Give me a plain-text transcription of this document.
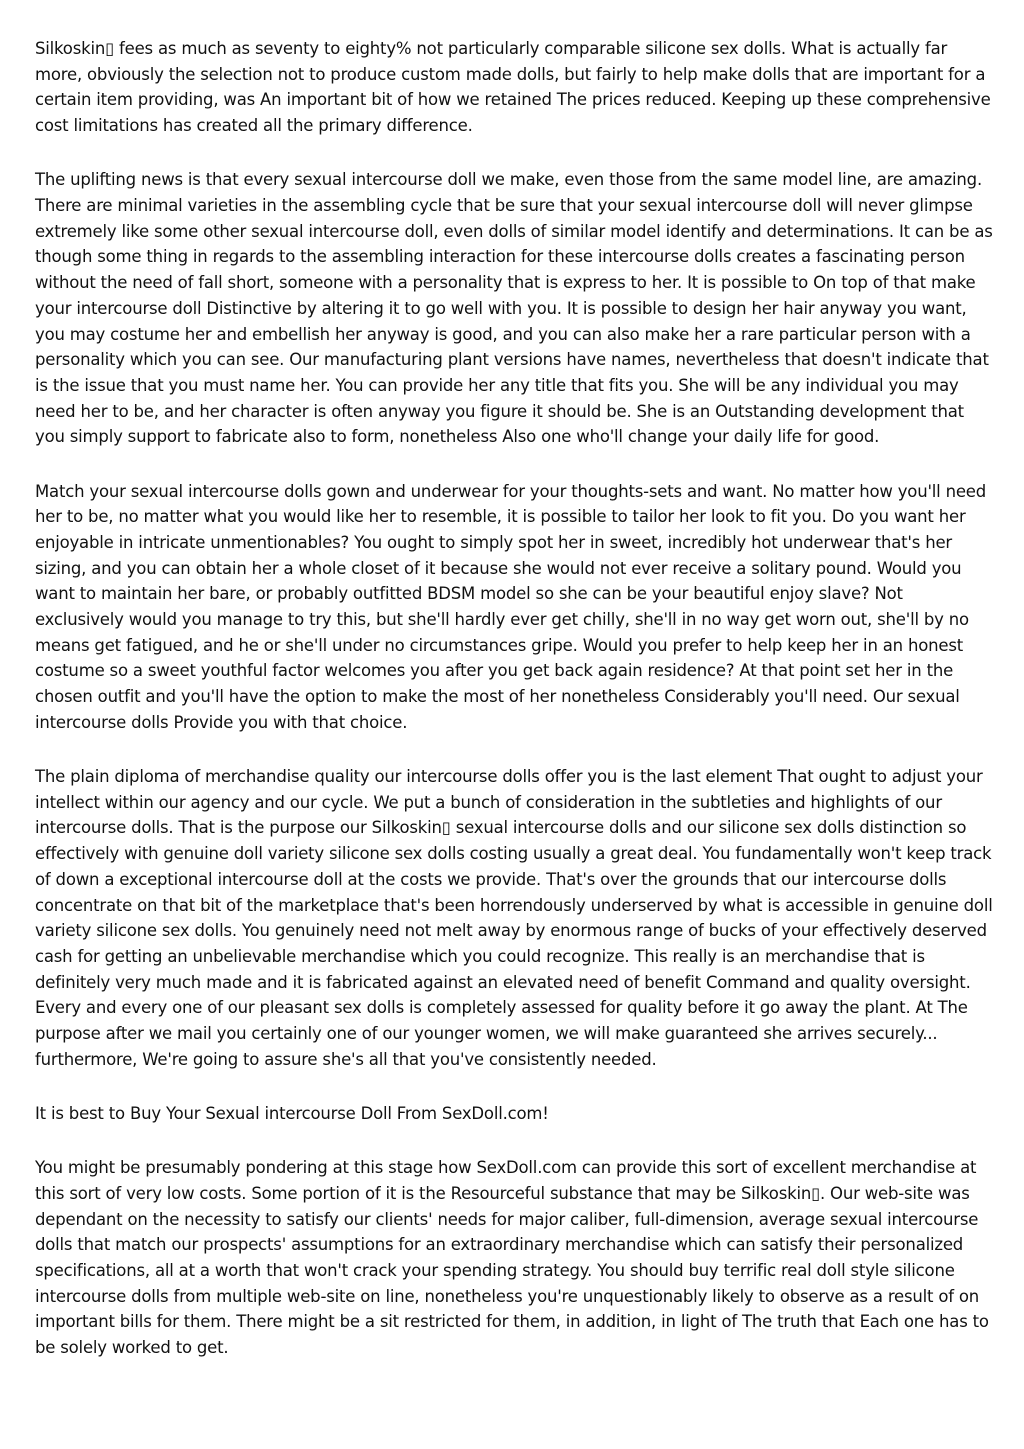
Silkoskin▯ fees as much as seventy to eighty% not particularly comparable silicone sex dolls. What is actually far more, obviously the selection not to produce custom made dolls, but fairly to help make dolls that are important for a certain item providing, was An important bit of how we retained The prices reduced. Keeping up these comprehensive cost limitations has created all the primary difference.

The uplifting news is that every sexual intercourse doll we make, even those from the same model line, are amazing. There are minimal varieties in the assembling cycle that be sure that your sexual intercourse doll will never glimpse extremely like some other sexual intercourse doll, even dolls of similar model identify and determinations. It can be as though some thing in regards to the assembling interaction for these intercourse dolls creates a fascinating person without the need of fall short, someone with a personality that is express to her. It is possible to On top of that make your intercourse doll Distinctive by altering it to go well with you. It is possible to design her hair anyway you want, you may costume her and embellish her anyway is good, and you can also make her a rare particular person with a personality which you can see. Our manufacturing plant versions have names, nevertheless that doesn't indicate that is the issue that you must name her. You can provide her any title that fits you. She will be any individual you may need her to be, and her character is often anyway you figure it should be. She is an Outstanding development that you simply support to fabricate also to form, nonetheless Also one who'll change your daily life for good.

Match your sexual intercourse dolls gown and underwear for your thoughts-sets and want. No matter how you'll need her to be, no matter what you would like her to resemble, it is possible to tailor her look to fit you. Do you want her enjoyable in intricate unmentionables? You ought to simply spot her in sweet, incredibly hot underwear that's her sizing, and you can obtain her a whole closet of it because she would not ever receive a solitary pound. Would you want to maintain her bare, or probably outfitted BDSM model so she can be your beautiful enjoy slave? Not exclusively would you manage to try this, but she'll hardly ever get chilly, she'll in no way get worn out, she'll by no means get fatigued, and he or she'll under no circumstances gripe. Would you prefer to help keep her in an honest costume so a sweet youthful factor welcomes you after you get back again residence? At that point set her in the chosen outfit and you'll have the option to make the most of her nonetheless Considerably you'll need. Our sexual intercourse dolls Provide you with that choice.

The plain diploma of merchandise quality our intercourse dolls offer you is the last element That ought to adjust your intellect within our agency and our cycle. We put a bunch of consideration in the subtleties and highlights of our intercourse dolls. That is the purpose our Silkoskin▯ sexual intercourse dolls and our silicone sex dolls distinction so effectively with genuine doll variety silicone sex dolls costing usually a great deal. You fundamentally won't keep track of down a exceptional intercourse doll at the costs we provide. That's over the grounds that our intercourse dolls concentrate on that bit of the marketplace that's been horrendously underserved by what is accessible in genuine doll variety silicone sex dolls. You genuinely need not melt away by enormous range of bucks of your effectively deserved cash for getting an unbelievable merchandise which you could recognize. This really is an merchandise that is definitely very much made and it is fabricated against an elevated need of benefit Command and quality oversight. Every and every one of our pleasant sex dolls is completely assessed for quality before it go away the plant. At The purpose after we mail you certainly one of our younger women, we will make guaranteed she arrives securely... furthermore, We're going to assure she's all that you've consistently needed.

It is best to Buy Your Sexual intercourse Doll From SexDoll.com!

You might be presumably pondering at this stage how SexDoll.com can provide this sort of excellent merchandise at this sort of very low costs. Some portion of it is the Resourceful substance that may be Silkoskin▯. Our web-site was dependant on the necessity to satisfy our clients' needs for major caliber, full-dimension, average sexual intercourse dolls that match our prospects' assumptions for an extraordinary merchandise which can satisfy their personalized specifications, all at a worth that won't crack your spending strategy. You should buy terrific real doll style silicone intercourse dolls from multiple web-site on line, nonetheless you're unquestionably likely to observe as a result of on important bills for them. There might be a sit restricted for them, in addition, in light of The truth that Each one has to be solely worked to get.
